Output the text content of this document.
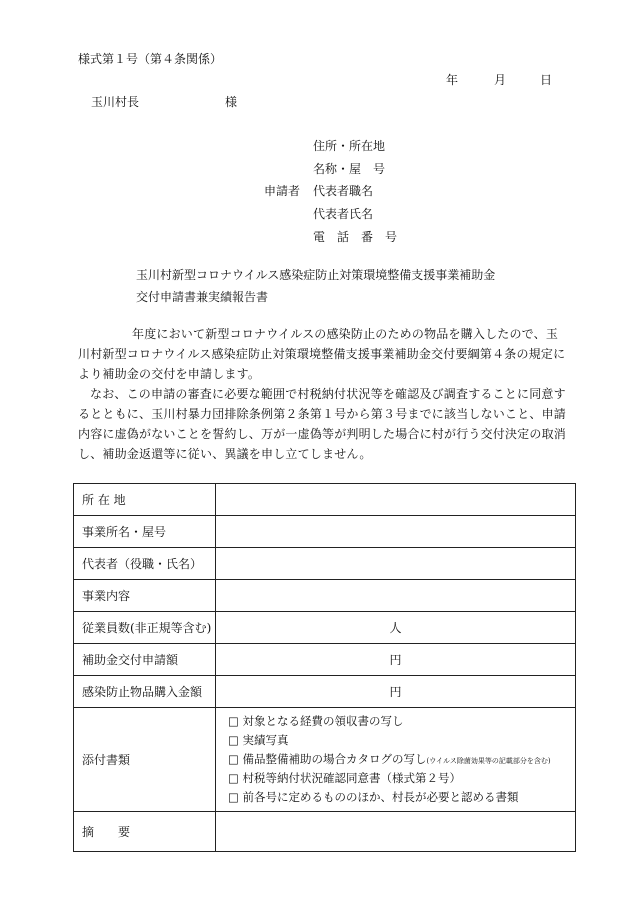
様式第１号（第４条関係）
年	月	日
玉川村長	様
申請者
住所・所在地
名称・屋　号
代表者職名
代表者氏名
電　話　番　号
玉川村新型コロナウイルス感染症防止対策環境整備支援事業補助金
交付申請書兼実績報告書

年度において新型コロナウイルスの感染防止のための物品を購入したので、玉

川村新型コロナウイルス感染症防止対策環境整備支援事業補助金交付要綱第４条の規定に

より補助金の交付を申請します。

なお、この申請の審査に必要な範囲で村税納付状況等を確認及び調査することに同意す

るとともに、玉川村暴力団排除条例第２条第１号から第３号までに該当しないこと、申請

内容に虚偽がないことを誓約し、万が一虚偽等が判明した場合に村が行う交付決定の取消

し、補助金返還等に従い、異議を申し立てしません。

所 在 地	
事業所名・屋号	
代表者（役職・氏名）	
事業内容	
従業員数(非正規等含む)	人
補助金交付申請額	円
感染防止物品購入金額	円
添付書類	□ 対象となる経費の領収書の写し
□ 実績写真
□ 備品整備補助の場合カタログの写し(ウイルス除菌効果等の記載部分を含む)
□ 村税等納付状況確認同意書（様式第２号）
□ 前各号に定めるもののほか、村長が必要と認める書類

摘　　要	
